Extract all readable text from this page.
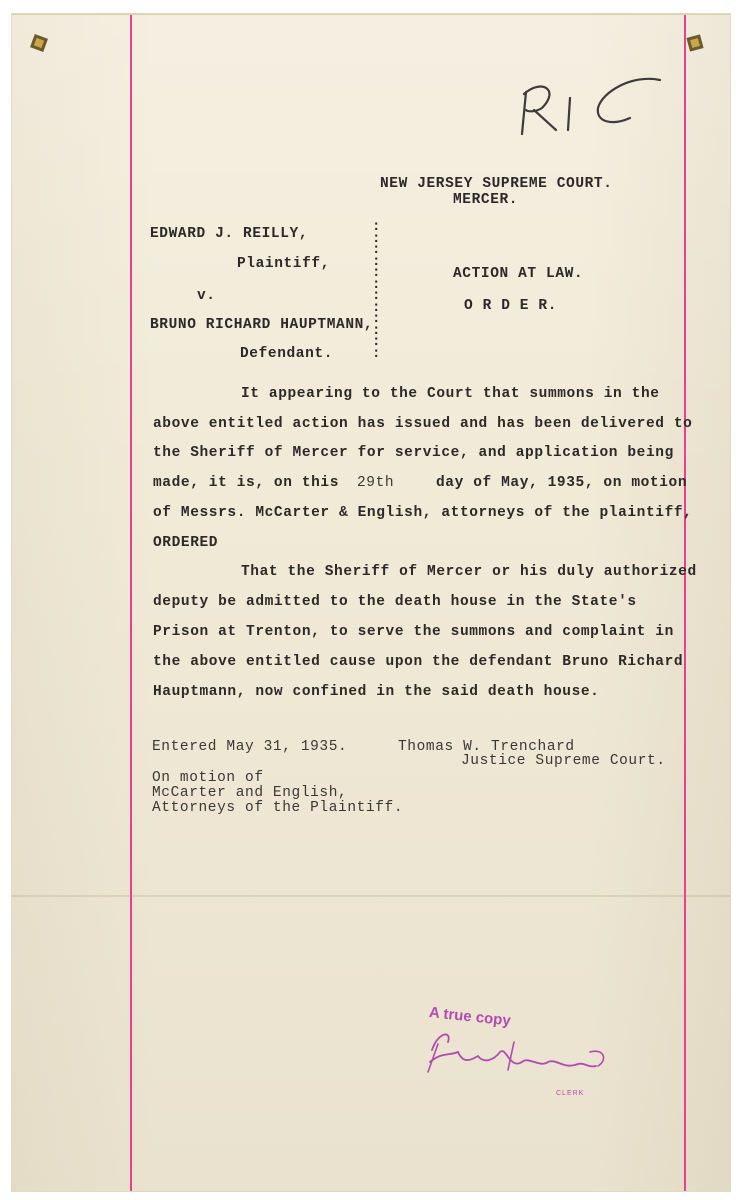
NEW JERSEY SUPREME COURT.
MERCER.
EDWARD J. REILLY,
Plaintiff,
v.
BRUNO RICHARD HAUPTMANN,
Defendant.
:
:
:
:
:
:
:
:
:
:
:
:
ACTION AT LAW.
O R D E R.
It appearing to the Court that summons in the
above entitled action has issued and has been delivered to
the Sheriff of Mercer for service, and application being
made, it is, on this 29th	day of May, 1935, on motion
of Messrs. McCarter & English, attorneys of the plaintiff,
ORDERED
That the Sheriff of Mercer or his duly authorized
deputy be admitted to the death house in the State's
Prison at Trenton, to serve the summons and complaint in
the above entitled cause upon the defendant Bruno Richard
Hauptmann, now confined in the said death house.
Entered May 31, 1935.	Thomas W. Trenchard
Justice Supreme Court.
On motion of
McCarter and English,
Attorneys of the Plaintiff.
A true copy
CLERK
